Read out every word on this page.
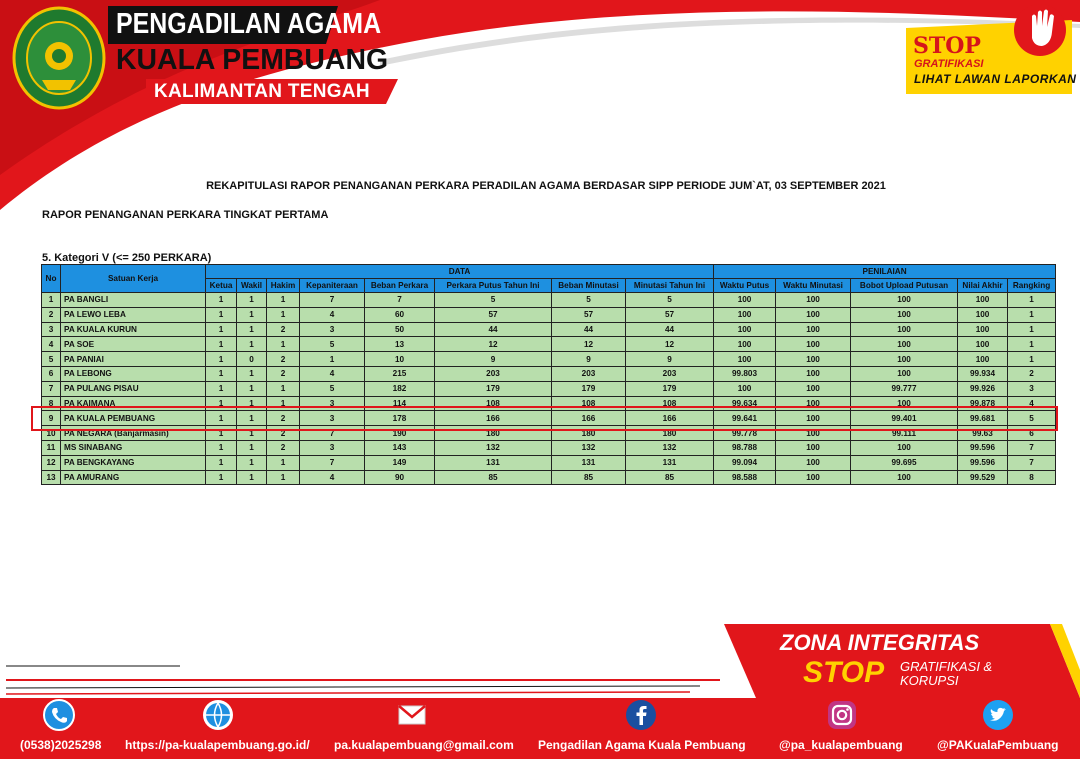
PENGADILAN AGAMA
KUALA PEMBUANG
KALIMANTAN TENGAH
STOP
GRATIFIKASI
LIHAT LAWAN LAPORKAN
REKAPITULASI RAPOR PENANGANAN PERKARA PERADILAN AGAMA BERDASAR SIPP PERIODE JUM`AT, 03 SEPTEMBER 2021
RAPOR PENANGANAN PERKARA TINGKAT PERTAMA
5. Kategori V (<= 250 PERKARA)
No	Satuan Kerja	DATA								PENILAIAN				
		Ketua	Wakil	Hakim	Kepaniteraan	Beban Perkara	Perkara Putus Tahun Ini	Beban Minutasi	Minutasi Tahun Ini	Waktu Putus	Waktu Minutasi	Bobot Upload Putusan	Nilai Akhir	Rangking
1	PA BANGLI	1	1	1	7	7	5	5	5	100	100	100	100	1
2	PA LEWO LEBA	1	1	1	4	60	57	57	57	100	100	100	100	1
3	PA KUALA KURUN	1	1	2	3	50	44	44	44	100	100	100	100	1
4	PA SOE	1	1	1	5	13	12	12	12	100	100	100	100	1
5	PA PANIAI	1	0	2	1	10	9	9	9	100	100	100	100	1
6	PA LEBONG	1	1	2	4	215	203	203	203	99.803	100	100	99.934	2
7	PA PULANG PISAU	1	1	1	5	182	179	179	179	100	100	99.777	99.926	3
8	PA KAIMANA	1	1	1	3	114	108	108	108	99.634	100	100	99.878	4
9	PA KUALA PEMBUANG	1	1	2	3	178	166	166	166	99.641	100	99.401	99.681	5
10	PA NEGARA (Banjarmasin)	1	1	2	7	190	180	180	180	99.778	100	99.111	99.63	6
11	MS SINABANG	1	1	2	3	143	132	132	132	98.788	100	100	99.596	7
12	PA BENGKAYANG	1	1	1	7	149	131	131	131	99.094	100	99.695	99.596	7
13	PA AMURANG	1	1	1	4	90	85	85	85	98.588	100	100	99.529	8
ZONA INTEGRITAS
STOP GRATIFIKASI &
KORUPSI
(0538)2025298 https://pa-kualapembuang.go.id/ pa.kualapembuang@gmail.com Pengadilan Agama Kuala Pembuang	@pa_kualapembuang	@PAKualaPembuang
